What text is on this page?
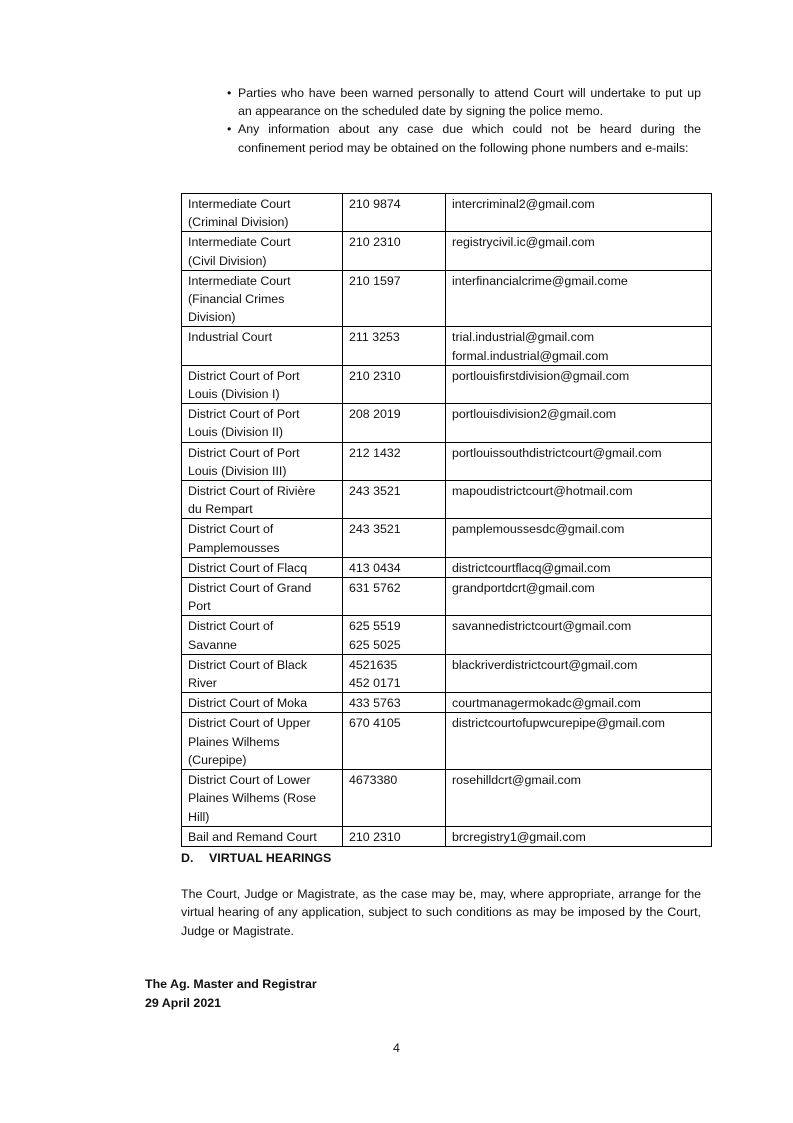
• Parties who have been warned personally to attend Court will undertake to put up an appearance on the scheduled date by signing the police memo.
• Any information about any case due which could not be heard during the confinement period may be obtained on the following phone numbers and e-mails:
Intermediate Court
(Criminal Division)	210 9874	intercriminal2@gmail.com
Intermediate Court
(Civil Division)	210 2310	registrycivil.ic@gmail.com
Intermediate Court
(Financial Crimes
Division)	210 1597	interfinancialcrime@gmail.come
Industrial Court	211 3253	trial.industrial@gmail.com
formal.industrial@gmail.com
District Court of Port
Louis (Division I)	210 2310	portlouisfirstdivision@gmail.com
District Court of Port
Louis (Division II)	208 2019	portlouisdivision2@gmail.com
District Court of Port
Louis (Division III)	212 1432	portlouissouthdistrictcourt@gmail.com
District Court of Rivière
du Rempart	243 3521	mapoudistrictcourt@hotmail.com
District Court of
Pamplemousses	243 3521	pamplemoussesdc@gmail.com
District Court of Flacq	413 0434	districtcourtflacq@gmail.com
District Court of Grand
Port	631 5762	grandportdcrt@gmail.com
District Court of
Savanne	625 5519
625 5025	savannedistrictcourt@gmail.com
District Court of Black
River	4521635
452 0171	blackriverdistrictcourt@gmail.com
District Court of Moka	433 5763	courtmanagermokadc@gmail.com
District Court of Upper
Plaines Wilhems
(Curepipe)	670 4105	districtcourtofupwcurepipe@gmail.com
District Court of Lower
Plaines Wilhems (Rose
Hill)	4673380	rosehilldcrt@gmail.com
Bail and Remand Court	210 2310	brcregistry1@gmail.com
D. VIRTUAL HEARINGS
The Court, Judge or Magistrate, as the case may be, may, where appropriate, arrange for the virtual hearing of any application, subject to such conditions as may be imposed by the Court, Judge or Magistrate.
The Ag. Master and Registrar
29 April 2021
4
